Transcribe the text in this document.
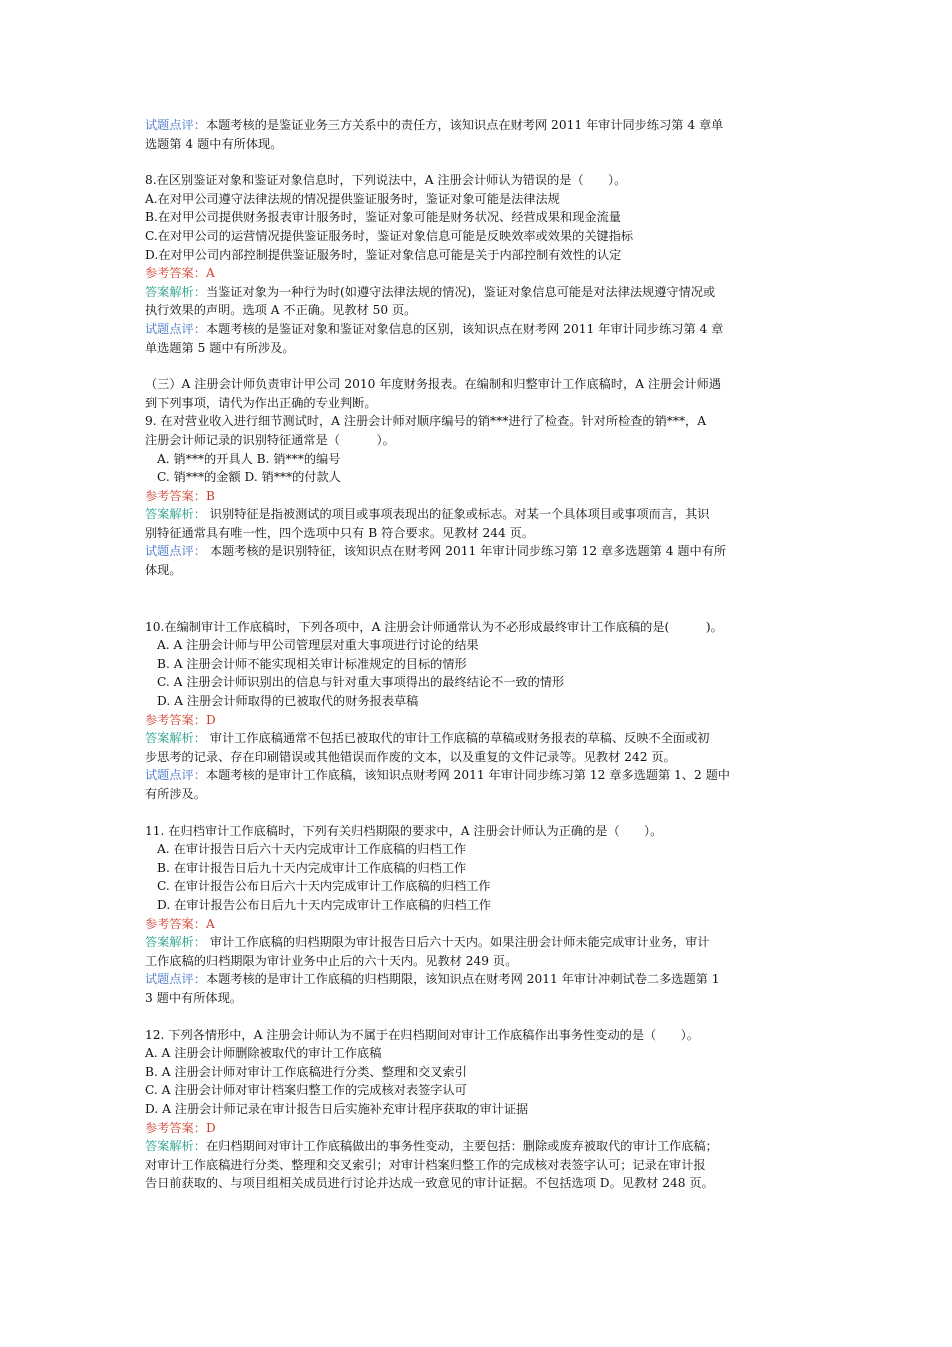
试题点评：本题考核的是鉴证业务三方关系中的责任方，该知识点在财考网 2011 年审计同步练习第 4 章单
选题第 4 题中有所体现。
8.在区别鉴证对象和鉴证对象信息时，下列说法中，A 注册会计师认为错误的是（　　）。
A.在对甲公司遵守法律法规的情况提供鉴证服务时，鉴证对象可能是法律法规
B.在对甲公司提供财务报表审计服务时，鉴证对象可能是财务状况、经营成果和现金流量
C.在对甲公司的运营情况提供鉴证服务时，鉴证对象信息可能是反映效率或效果的关键指标
D.在对甲公司内部控制提供鉴证服务时，鉴证对象信息可能是关于内部控制有效性的认定
参考答案：A
答案解析：当鉴证对象为一种行为时(如遵守法律法规的情况)，鉴证对象信息可能是对法律法规遵守情况或
执行效果的声明。选项 A 不正确。见教材 50 页。
试题点评：本题考核的是鉴证对象和鉴证对象信息的区别，该知识点在财考网 2011 年审计同步练习第 4 章
单选题第 5 题中有所涉及。
（三）A 注册会计师负责审计甲公司 2010 年度财务报表。在编制和归整审计工作底稿时，A 注册会计师遇
到下列事项，请代为作出正确的专业判断。
9. 在对营业收入进行细节测试时，A 注册会计师对顺序编号的销***进行了检查。针对所检查的销***，A
注册会计师记录的识别特征通常是（　　　）。
A. 销***的开具人 B. 销***的编号
C. 销***的金额 D. 销***的付款人
参考答案：B
答案解析： 识别特征是指被测试的项目或事项表现出的征象或标志。对某一个具体项目或事项而言，其识
别特征通常具有唯一性，四个选项中只有 B 符合要求。见教材 244 页。
试题点评： 本题考核的是识别特征，该知识点在财考网 2011 年审计同步练习第 12 章多选题第 4 题中有所
体现。
10.在编制审计工作底稿时，下列各项中，A 注册会计师通常认为不必形成最终审计工作底稿的是(　　　)。
A. A 注册会计师与甲公司管理层对重大事项进行讨论的结果
B. A 注册会计师不能实现相关审计标准规定的目标的情形
C. A 注册会计师识别出的信息与针对重大事项得出的最终结论不一致的情形
D. A 注册会计师取得的已被取代的财务报表草稿
参考答案：D
答案解析： 审计工作底稿通常不包括已被取代的审计工作底稿的草稿或财务报表的草稿、反映不全面或初
步思考的记录、存在印刷错误或其他错误而作废的文本，以及重复的文件记录等。见教材 242 页。
试题点评：本题考核的是审计工作底稿，该知识点财考网 2011 年审计同步练习第 12 章多选题第 1、2 题中
有所涉及。
11. 在归档审计工作底稿时，下列有关归档期限的要求中，A 注册会计师认为正确的是（　　）。
A. 在审计报告日后六十天内完成审计工作底稿的归档工作
B. 在审计报告日后九十天内完成审计工作底稿的归档工作
C. 在审计报告公布日后六十天内完成审计工作底稿的归档工作
D. 在审计报告公布日后九十天内完成审计工作底稿的归档工作
参考答案：A
答案解析： 审计工作底稿的归档期限为审计报告日后六十天内。如果注册会计师未能完成审计业务，审计
工作底稿的归档期限为审计业务中止后的六十天内。见教材 249 页。
试题点评：本题考核的是审计工作底稿的归档期限，该知识点在财考网 2011 年审计冲刺试卷二多选题第 1
3 题中有所体现。
12. 下列各情形中，A 注册会计师认为不属于在归档期间对审计工作底稿作出事务性变动的是（　　）。
A. A 注册会计师删除被取代的审计工作底稿
B. A 注册会计师对审计工作底稿进行分类、整理和交叉索引
C. A 注册会计师对审计档案归整工作的完成核对表签字认可
D. A 注册会计师记录在审计报告日后实施补充审计程序获取的审计证据
参考答案：D
答案解析：在归档期间对审计工作底稿做出的事务性变动，主要包括：删除或废弃被取代的审计工作底稿；
对审计工作底稿进行分类、整理和交叉索引；对审计档案归整工作的完成核对表签字认可；记录在审计报
告日前获取的、与项目组相关成员进行讨论并达成一致意见的审计证据。不包括选项 D。见教材 248 页。
